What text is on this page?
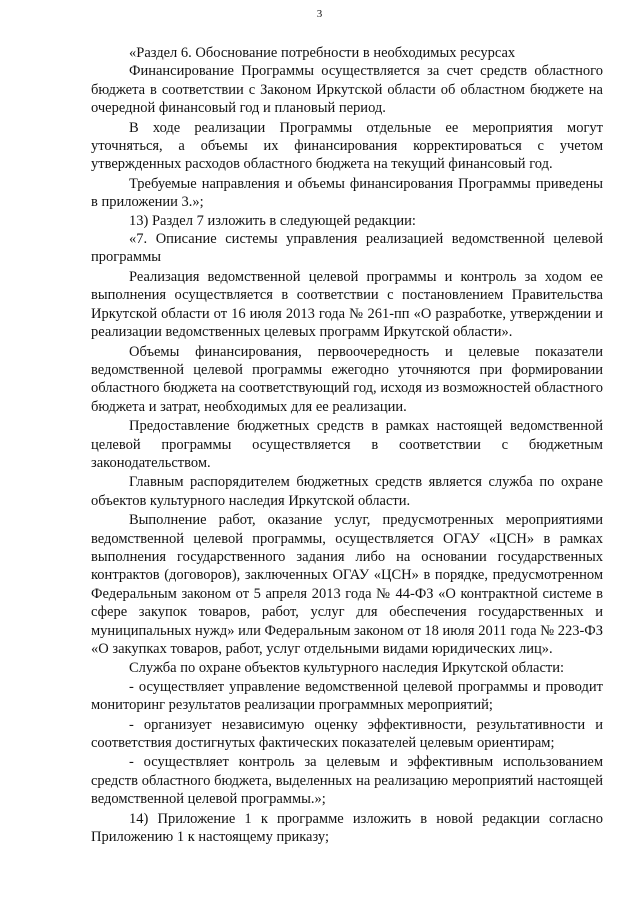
3

«Раздел 6. Обоснование потребности в необходимых ресурсах

Финансирование Программы осуществляется за счет средств областного бюджета в соответствии с Законом Иркутской области об областном бюджете на очередной финансовый год и плановый период.

В ходе реализации Программы отдельные ее мероприятия могут уточняться, а объемы их финансирования корректироваться с учетом утвержденных расходов областного бюджета на текущий финансовый год.

Требуемые направления и объемы финансирования Программы приведены в приложении 3.»;

13) Раздел 7 изложить в следующей редакции:

«7. Описание системы управления реализацией ведомственной целевой программы

Реализация ведомственной целевой программы и контроль за ходом ее выполнения осуществляется в соответствии с постановлением Правительства Иркутской области от 16 июля 2013 года № 261-пп «О разработке, утверждении и реализации ведомственных целевых программ Иркутской области».

Объемы финансирования, первоочередность и целевые показатели ведомственной целевой программы ежегодно уточняются при формировании областного бюджета на соответствующий год, исходя из возможностей областного бюджета и затрат, необходимых для ее реализации.

Предоставление бюджетных средств в рамках настоящей ведомственной целевой программы осуществляется в соответствии с бюджетным законодательством.

Главным распорядителем бюджетных средств является служба по охране объектов культурного наследия Иркутской области.

Выполнение работ, оказание услуг, предусмотренных мероприятиями ведомственной целевой программы, осуществляется ОГАУ «ЦСН» в рамках выполнения государственного задания либо на основании государственных контрактов (договоров), заключенных ОГАУ «ЦСН» в порядке, предусмотренном Федеральным законом от 5 апреля 2013 года № 44-ФЗ «О контрактной системе в сфере закупок товаров, работ, услуг для обеспечения государственных и муниципальных нужд» или Федеральным законом от 18 июля 2011 года № 223-ФЗ «О закупках товаров, работ, услуг отдельными видами юридических лиц».

Служба по охране объектов культурного наследия Иркутской области:

- осуществляет управление ведомственной целевой программы и проводит мониторинг результатов реализации программных мероприятий;

- организует независимую оценку эффективности, результативности и соответствия достигнутых фактических показателей целевым ориентирам;

- осуществляет контроль за целевым и эффективным использованием средств областного бюджета, выделенных на реализацию мероприятий настоящей ведомственной целевой программы.»;

14) Приложение 1 к программе изложить в новой редакции согласно Приложению 1 к настоящему приказу;
